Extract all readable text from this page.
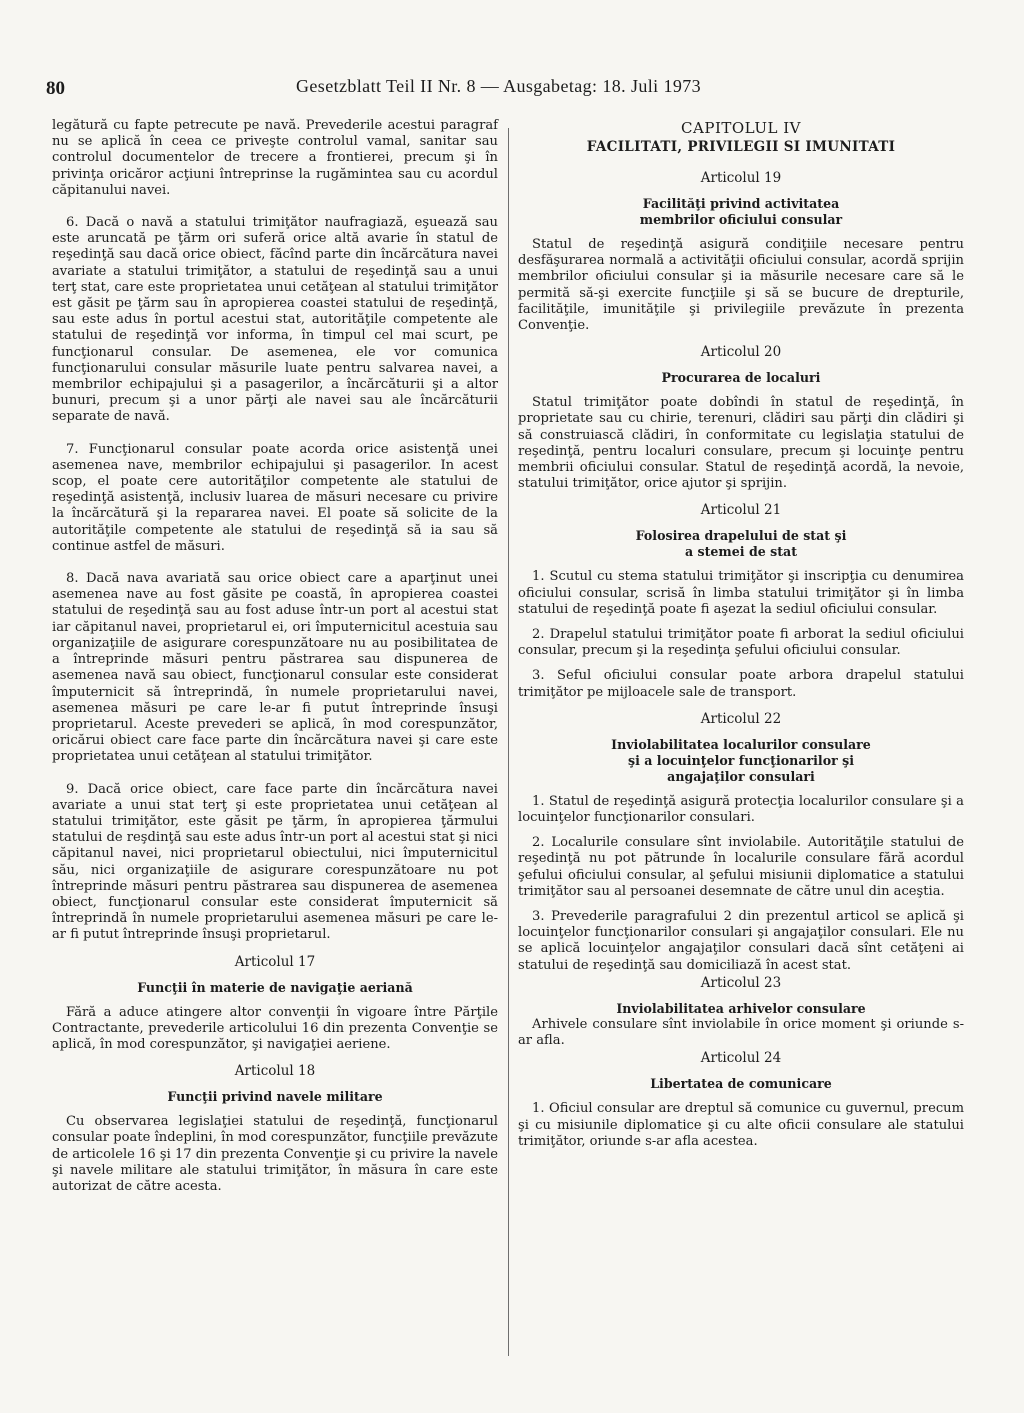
80	Gesetzblatt Teil II Nr. 8 — Ausgabetag: 18. Juli 1973

legătură cu fapte petrecute pe navă. Prevederile acestui paragraf nu se aplică în ceea ce priveşte controlul vamal, sanitar sau controlul documentelor de trecere a frontierei, precum şi în privinţa oricăror acţiuni întreprinse la rugămintea sau cu acordul căpitanului navei.

6. Dacă o navă a statului trimiţător naufragiază, eşuează sau este aruncată pe ţărm ori suferă orice altă avarie în statul de reşedinţă sau dacă orice obiect, făcînd parte din încărcătura navei avariate a statului trimiţător, a statului de reşedinţă sau a unui terţ stat, care este proprietatea unui cetăţean al statului trimiţător est găsit pe ţărm sau în apropierea coastei statului de reşedinţă, sau este adus în portul acestui stat, autorităţile competente ale statului de reşedinţă vor informa, în timpul cel mai scurt, pe funcţionarul consular. De asemenea, ele vor comunica funcţionarului consular măsurile luate pentru salvarea navei, a membrilor echipajului şi a pasagerilor, a încărcăturii şi a altor bunuri, precum şi a unor părţi ale navei sau ale încărcăturii separate de navă.

7. Funcţionarul consular poate acorda orice asistenţă unei asemenea nave, membrilor echipajului şi pasagerilor. In acest scop, el poate cere autorităţilor competente ale statului de reşedinţă asistenţă, inclusiv luarea de măsuri necesare cu privire la încărcătură şi la repararea navei. El poate să solicite de la autorităţile competente ale statului de reşedinţă să ia sau să continue astfel de măsuri.

8. Dacă nava avariată sau orice obiect care a aparţinut unei asemenea nave au fost găsite pe coastă, în apropierea coastei statului de reşedinţă sau au fost aduse într-un port al acestui stat iar căpitanul navei, proprietarul ei, ori împuternicitul acestuia sau organizaţiile de asigurare corespunzătoare nu au posibilitatea de a întreprinde măsuri pentru păstrarea sau dispunerea de asemenea navă sau obiect, funcţionarul consular este considerat împuternicit să întreprindă, în numele proprietarului navei, asemenea măsuri pe care le-ar fi putut întreprinde însuşi proprietarul. Aceste prevederi se aplică, în mod corespunzător, oricărui obiect care face parte din încărcătura navei şi care este proprietatea unui cetăţean al statului trimiţător.

9. Dacă orice obiect, care face parte din încărcătura navei avariate a unui stat terţ şi este proprietatea unui cetăţean al statului trimiţător, este găsit pe ţărm, în apropierea ţărmului statului de reşdinţă sau este adus într-un port al acestui stat şi nici căpitanul navei, nici proprietarul obiectului, nici împuternicitul său, nici organizaţiile de asigurare corespunzătoare nu pot întreprinde măsuri pentru păstrarea sau dispunerea de asemenea obiect, funcţionarul consular este considerat împuternicit să întreprindă în numele proprietarului asemenea măsuri pe care le-ar fi putut întreprinde însuşi proprietarul.

Articolul 17
Funcţii în materie de navigaţie aeriană

Fără a aduce atingere altor convenţii în vigoare între Părţile Contractante, prevederile articolului 16 din prezenta Convenţie se aplică, în mod corespunzător, şi navigaţiei aeriene.

Articolul 18
Funcţii privind navele militare

Cu observarea legislaţiei statului de reşedinţă, funcţionarul consular poate îndeplini, în mod corespunzător, funcţiile prevăzute de articolele 16 şi 17 din prezenta Convenţie şi cu privire la navele şi navele militare ale statului trimiţător, în măsura în care este autorizat de către acesta.

CAPITOLUL IV
FACILITATI, PRIVILEGII SI IMUNITATI
Articolul 19
Facilităţi privind activitatea
membrilor oficiului consular

Statul de reşedinţă asigură condiţiile necesare pentru desfăşurarea normală a activităţii oficiului consular, acordă sprijin membrilor oficiului consular şi ia măsurile necesare care să le permită să-şi exercite funcţiile şi să se bucure de drepturile, facilităţile, imunităţile şi privilegiile prevăzute în prezenta Convenţie.

Articolul 20
Procurarea de localuri

Statul trimiţător poate dobîndi în statul de reşedinţă, în proprietate sau cu chirie, terenuri, clădiri sau părţi din clădiri şi să construiască clădiri, în conformitate cu legislaţia statului de reşedinţă, pentru localuri consulare, precum şi locuinţe pentru membrii oficiului consular. Statul de reşedinţă acordă, la nevoie, statului trimiţător, orice ajutor şi sprijin.

Articolul 21
Folosirea drapelului de stat şi
a stemei de stat

1. Scutul cu stema statului trimiţător şi inscripţia cu denumirea oficiului consular, scrisă în limba statului trimiţător şi în limba statului de reşedinţă poate fi aşezat la sediul oficiului consular.

2. Drapelul statului trimiţător poate fi arborat la sediul oficiului consular, precum şi la reşedinţa şefului oficiului consular.

3. Seful oficiului consular poate arbora drapelul statului trimiţător pe mijloacele sale de transport.

Articolul 22
Inviolabilitatea localurilor consulare
şi a locuinţelor funcţionarilor şi
angajaţilor consulari

1. Statul de reşedinţă asigură protecţia localurilor consulare şi a locuinţelor funcţionarilor consulari.

2. Localurile consulare sînt inviolabile. Autorităţile statului de reşedinţă nu pot pătrunde în localurile consulare fără acordul şefului oficiului consular, al şefului misiunii diplomatice a statului trimiţător sau al persoanei desemnate de către unul din aceştia.

3. Prevederile paragrafului 2 din prezentul articol se aplică şi locuinţelor funcţionarilor consulari şi angajaţilor consulari. Ele nu se aplică locuinţelor angajaţilor consulari dacă sînt cetăţeni ai statului de reşedinţă sau domiciliază în acest stat.

Articolul 23
Inviolabilitatea arhivelor consulare

Arhivele consulare sînt inviolabile în orice moment şi oriunde s-ar afla.

Articolul 24
Libertatea de comunicare

1. Oficiul consular are dreptul să comunice cu guvernul, precum şi cu misiunile diplomatice şi cu alte oficii consulare ale statului trimiţător, oriunde s-ar afla acestea.
